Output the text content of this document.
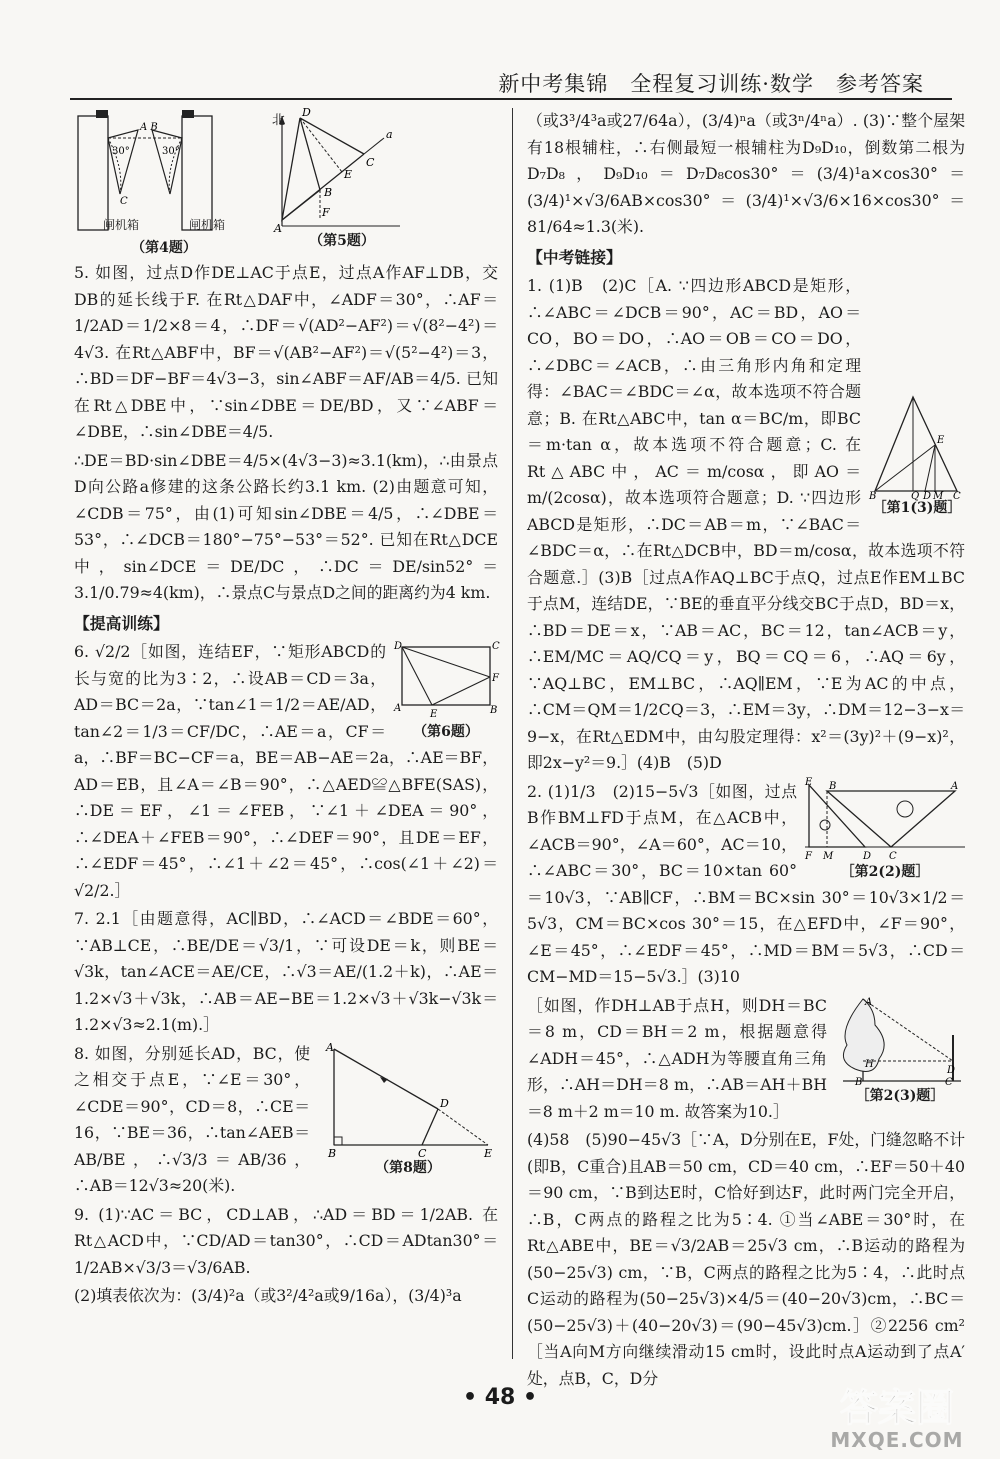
新中考集锦　全程复习训练·数学　参考答案
30°	30°
A B
C
闸机箱	闸机箱
（第4题）
D
C
a
B
E
A
F
北
（第5题）

5. 如图，过点D作DE⊥AC于点E，过点A作AF⊥DB，交DB的延长线于F. 在Rt△DAF中，∠ADF＝30°，∴AF＝1/2AD＝1/2×8＝4，∴DF＝√(AD²−AF²)＝√(8²−4²)＝4√3. 在Rt△ABF中，BF＝√(AB²−AF²)＝√(5²−4²)＝3，∴BD＝DF−BF＝4√3−3，sin∠ABF＝AF/AB＝4/5. 已知在Rt△DBE中，∵sin∠DBE＝DE/BD，又∵∠ABF＝∠DBE，∴sin∠DBE＝4/5.

∴DE＝BD·sin∠DBE＝4/5×(4√3−3)≈3.1(km)，∴由景点D向公路a修建的这条公路长约3.1 km. (2)由题意可知，∠CDB＝75°，由(1)可知sin∠DBE＝4/5，∴∠DBE＝53°，∴∠DCB＝180°−75°−53°＝52°. 已知在Rt△DCE中，sin∠DCE＝DE/DC，∴DC＝DE/sin52°＝3.1/0.79≈4(km)，∴景点C与景点D之间的距离约为4 km.

【提高训练】
D	C
F
A
E	B
（第6题）

6. √2/2［如图，连结EF，∵矩形ABCD的长与宽的比为3∶2，∴设AB＝CD＝3a，AD＝BC＝2a，∵tan∠1＝1/2＝AE/AD，tan∠2＝1/3＝CF/DC，∴AE＝a，CF＝a，∴BF＝BC−CF＝a，BE＝AB−AE＝2a，∴AE＝BF，AD＝EB，且∠A＝∠B＝90°，∴△AED≌△BFE(SAS)，∴DE＝EF，∠1＝∠FEB，∵∠1＋∠DEA＝90°，∴∠DEA＋∠FEB＝90°，∴∠DEF＝90°，且DE＝EF，∴∠EDF＝45°，∴∠1＋∠2＝45°，∴cos(∠1＋∠2)＝√2/2.］

7. 2.1［由题意得，AC∥BD，∴∠ACD＝∠BDE＝60°，∵AB⊥CE，∴BE/DE＝√3/1，∵可设DE＝k，则BE＝√3k，tan∠ACE＝AE/CE，∴√3＝AE/(1.2＋k)，∴AE＝1.2×√3＋√3k，∴AB＝AE−BE＝1.2×√3＋√3k−√3k＝1.2×√3≈2.1(m).］

A
D
B	C	E
（第8题）

8. 如图，分别延长AD，BC，使之相交于点E，∵∠E＝30°，∠CDE＝90°，CD＝8，∴CE＝16，∵BE＝36，∴tan∠AEB＝AB/BE，∴√3/3＝AB/36，∴AB＝12√3≈20(米).

9. (1)∵AC＝BC，CD⊥AB，∴AD＝BD＝1/2AB. 在Rt△ACD中，∵CD/AD＝tan30°，∴CD＝ADtan30°＝1/2AB×√3/3＝√3/6AB.

(2)填表依次为：(3/4)²a（或3²/4²a或9/16a），(3/4)³a

（或3³/4³a或27/64a），(3/4)ⁿa（或3ⁿ/4ⁿa）. (3)∵整个屋架有18根辅柱，∴右侧最短一根辅柱为D₉D₁₀，倒数第二根为D₇D₈，D₉D₁₀＝D₇D₈cos30°＝(3/4)¹a×cos30°＝(3/4)¹×√3/6AB×cos30°＝(3/4)¹×√3/6×16×cos30°＝81/64≈1.3(米).

【中考链接】
E
B	Q D M C
［第1(3)题］

1. (1)B　(2)C［A. ∵四边形ABCD是矩形，∴∠ABC＝∠DCB＝90°，AC＝BD，AO＝CO，BO＝DO，∴AO＝OB＝CO＝DO，∴∠DBC＝∠ACB，∴由三角形内角和定理得：∠BAC＝∠BDC＝∠α，故本选项不符合题意；B. 在Rt△ABC中，tan α＝BC/m，即BC＝m·tan α，故本选项不符合题意；C. 在Rt△ABC中，AC＝m/cosα，即AO＝m/(2cosα)，故本选项符合题意；D. ∵四边形ABCD是矩形，∴DC＝AB＝m，∵∠BAC＝∠BDC＝α，∴在Rt△DCB中，BD＝m/cosα，故本选项不符合题意.］(3)B［过点A作AQ⊥BC于点Q，过点E作EM⊥BC于点M，连结DE，∵BE的垂直平分线交BC于点D，BD＝x，∴BD＝DE＝x，∵AB＝AC，BC＝12，tan∠ACB＝y，∴EM/MC＝AQ/CQ＝y，BQ＝CQ＝6，∴AQ＝6y，∵AQ⊥BC，EM⊥BC，∴AQ∥EM，∵E为AC的中点，∴CM＝QM＝1/2CQ＝3，∴EM＝3y，∴DM＝12−3−x＝9−x，在Rt△EDM中，由勾股定理得：x²＝(3y)²＋(9−x)²，即2x−y²＝9.］(4)B　(5)D

E B	A
F M	D C
［第2(2)题］

2. (1)1/3　(2)15−5√3［如图，过点B作BM⊥FD于点M，在△ACB中，∠ACB＝90°，∠A＝60°，AC＝10，∴∠ABC＝30°，BC＝10×tan 60°＝10√3，∵AB∥CF，∴BM＝BC×sin 30°＝10√3×1/2＝5√3，CM＝BC×cos 30°＝15，在△EFD中，∠F＝90°，∠E＝45°，∴∠EDF＝45°，∴MD＝BM＝5√3，∴CD＝CM−MD＝15−5√3.］(3)10

A
H
B
D
C
［第2(3)题］

［如图，作DH⊥AB于点H，则DH＝BC＝8 m，CD＝BH＝2 m，根据题意得∠ADH＝45°，∴△ADH为等腰直角三角形，∴AH＝DH＝8 m，∴AB＝AH＋BH＝8 m＋2 m＝10 m. 故答案为10.］

(4)58　(5)90−45√3［∵A，D分别在E，F处，门缝忽略不计(即B，C重合)且AB＝50 cm，CD＝40 cm，∴EF＝50＋40＝90 cm，∵B到达E时，C恰好到达F，此时两门完全开启，∴B，C两点的路程之比为5∶4. ①当∠ABE＝30°时，在Rt△ABE中，BE＝√3/2AB＝25√3 cm，∴B运动的路程为(50−25√3) cm，∵B，C两点的路程之比为5∶4，∴此时点C运动的路程为(50−25√3)×4/5＝(40−20√3)cm，∴BC＝(50−25√3)＋(40−20√3)＝(90−45√3)cm.］②2256 cm²［当A向M方向继续滑动15 cm时，设此时点A运动到了点A′处，点B，C，D分

• 48 •	答案圈
MXQE.COM
